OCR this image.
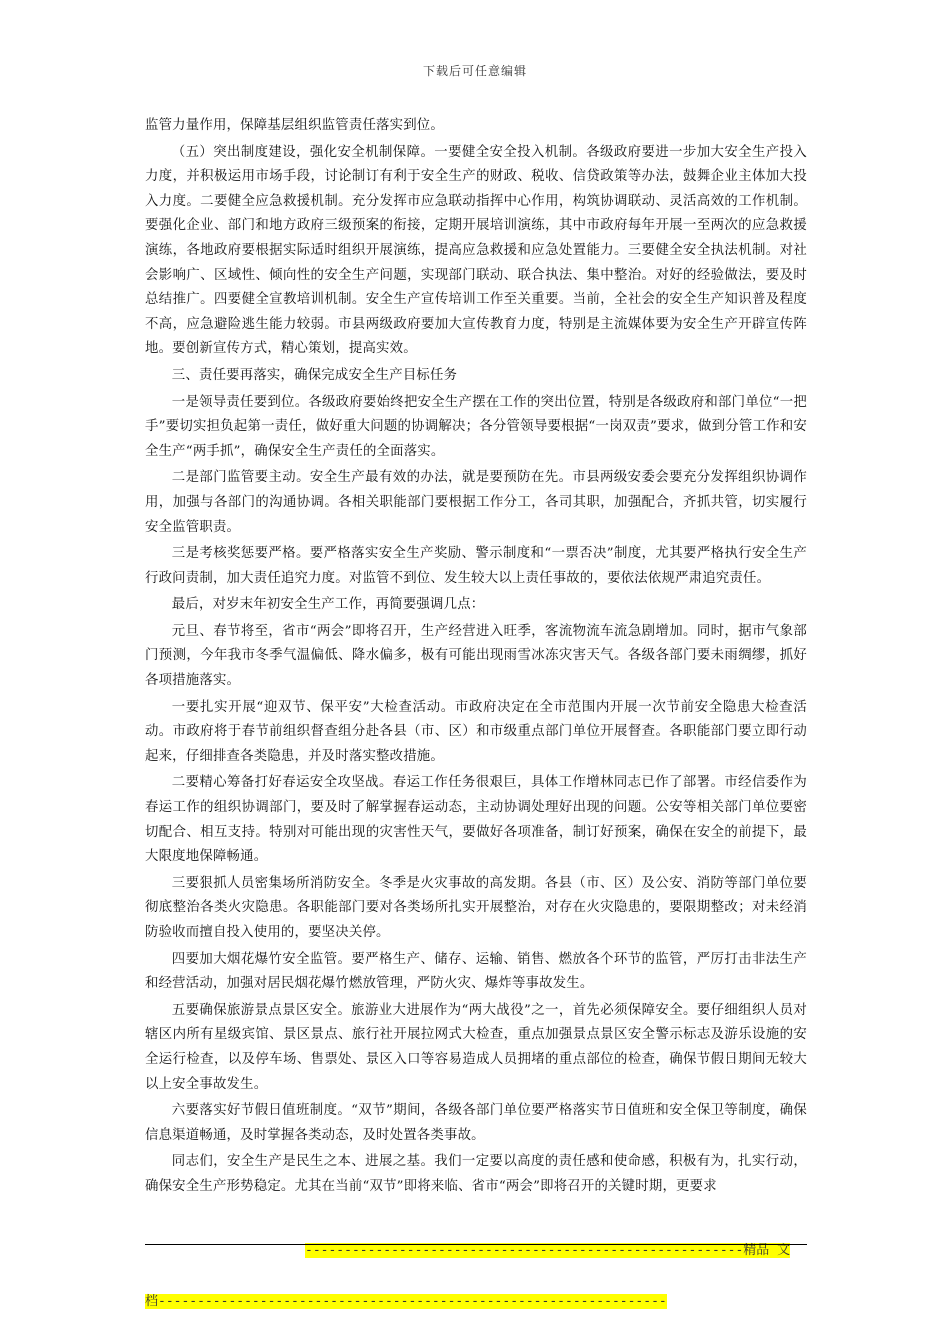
下载后可任意编辑

监管力量作用，保障基层组织监管责任落实到位。

（五）突出制度建设，强化安全机制保障。一要健全安全投入机制。各级政府要进一步加大安全生产投入力度，并积极运用市场手段，讨论制订有利于安全生产的财政、税收、信贷政策等办法，鼓舞企业主体加大投入力度。二要健全应急救援机制。充分发挥市应急联动指挥中心作用，构筑协调联动、灵活高效的工作机制。要强化企业、部门和地方政府三级预案的衔接，定期开展培训演练，其中市政府每年开展一至两次的应急救援演练，各地政府要根据实际适时组织开展演练，提高应急救援和应急处置能力。三要健全安全执法机制。对社会影响广、区域性、倾向性的安全生产问题，实现部门联动、联合执法、集中整治。对好的经验做法，要及时总结推广。四要健全宣教培训机制。安全生产宣传培训工作至关重要。当前，全社会的安全生产知识普及程度不高，应急避险逃生能力较弱。市县两级政府要加大宣传教育力度，特别是主流媒体要为安全生产开辟宣传阵地。要创新宣传方式，精心策划，提高实效。

三、责任要再落实，确保完成安全生产目标任务

一是领导责任要到位。各级政府要始终把安全生产摆在工作的突出位置，特别是各级政府和部门单位“一把手”要切实担负起第一责任，做好重大问题的协调解决；各分管领导要根据“一岗双责”要求，做到分管工作和安全生产“两手抓”，确保安全生产责任的全面落实。

二是部门监管要主动。安全生产最有效的办法，就是要预防在先。市县两级安委会要充分发挥组织协调作用，加强与各部门的沟通协调。各相关职能部门要根据工作分工，各司其职，加强配合，齐抓共管，切实履行安全监管职责。

三是考核奖惩要严格。要严格落实安全生产奖励、警示制度和“一票否决”制度，尤其要严格执行安全生产行政问责制，加大责任追究力度。对监管不到位、发生较大以上责任事故的，要依法依规严肃追究责任。

最后，对岁末年初安全生产工作，再简要强调几点：

元旦、春节将至，省市“两会”即将召开，生产经营进入旺季，客流物流车流急剧增加。同时，据市气象部门预测，今年我市冬季气温偏低、降水偏多，极有可能出现雨雪冰冻灾害天气。各级各部门要未雨绸缪，抓好各项措施落实。

一要扎实开展“迎双节、保平安”大检查活动。市政府决定在全市范围内开展一次节前安全隐患大检查活动。市政府将于春节前组织督查组分赴各县（市、区）和市级重点部门单位开展督查。各职能部门要立即行动起来，仔细排查各类隐患，并及时落实整改措施。

二要精心筹备打好春运安全攻坚战。春运工作任务很艰巨，具体工作增林同志已作了部署。市经信委作为春运工作的组织协调部门，要及时了解掌握春运动态，主动协调处理好出现的问题。公安等相关部门单位要密切配合、相互支持。特别对可能出现的灾害性天气，要做好各项准备，制订好预案，确保在安全的前提下，最大限度地保障畅通。

三要狠抓人员密集场所消防安全。冬季是火灾事故的高发期。各县（市、区）及公安、消防等部门单位要彻底整治各类火灾隐患。各职能部门要对各类场所扎实开展整治，对存在火灾隐患的，要限期整改；对未经消防验收而擅自投入使用的，要坚决关停。

四要加大烟花爆竹安全监管。要严格生产、储存、运输、销售、燃放各个环节的监管，严厉打击非法生产和经营活动，加强对居民烟花爆竹燃放管理，严防火灾、爆炸等事故发生。

五要确保旅游景点景区安全。旅游业大进展作为“两大战役”之一，首先必须保障安全。要仔细组织人员对辖区内所有星级宾馆、景区景点、旅行社开展拉网式大检查，重点加强景点景区安全警示标志及游乐设施的安全运行检查，以及停车场、售票处、景区入口等容易造成人员拥堵的重点部位的检查，确保节假日期间无较大以上安全事故发生。

六要落实好节假日值班制度。“双节”期间，各级各部门单位要严格落实节日值班和安全保卫等制度，确保信息渠道畅通，及时掌握各类动态，及时处置各类事故。

同志们，安全生产是民生之本、进展之基。我们一定要以高度的责任感和使命感，积极有为，扎实行动，确保安全生产形势稳定。尤其在当前“双节”即将来临、省市“两会”即将召开的关键时期，更要求

--------------------------------------------------------精品 文

档-----------------------------------------------------------------
